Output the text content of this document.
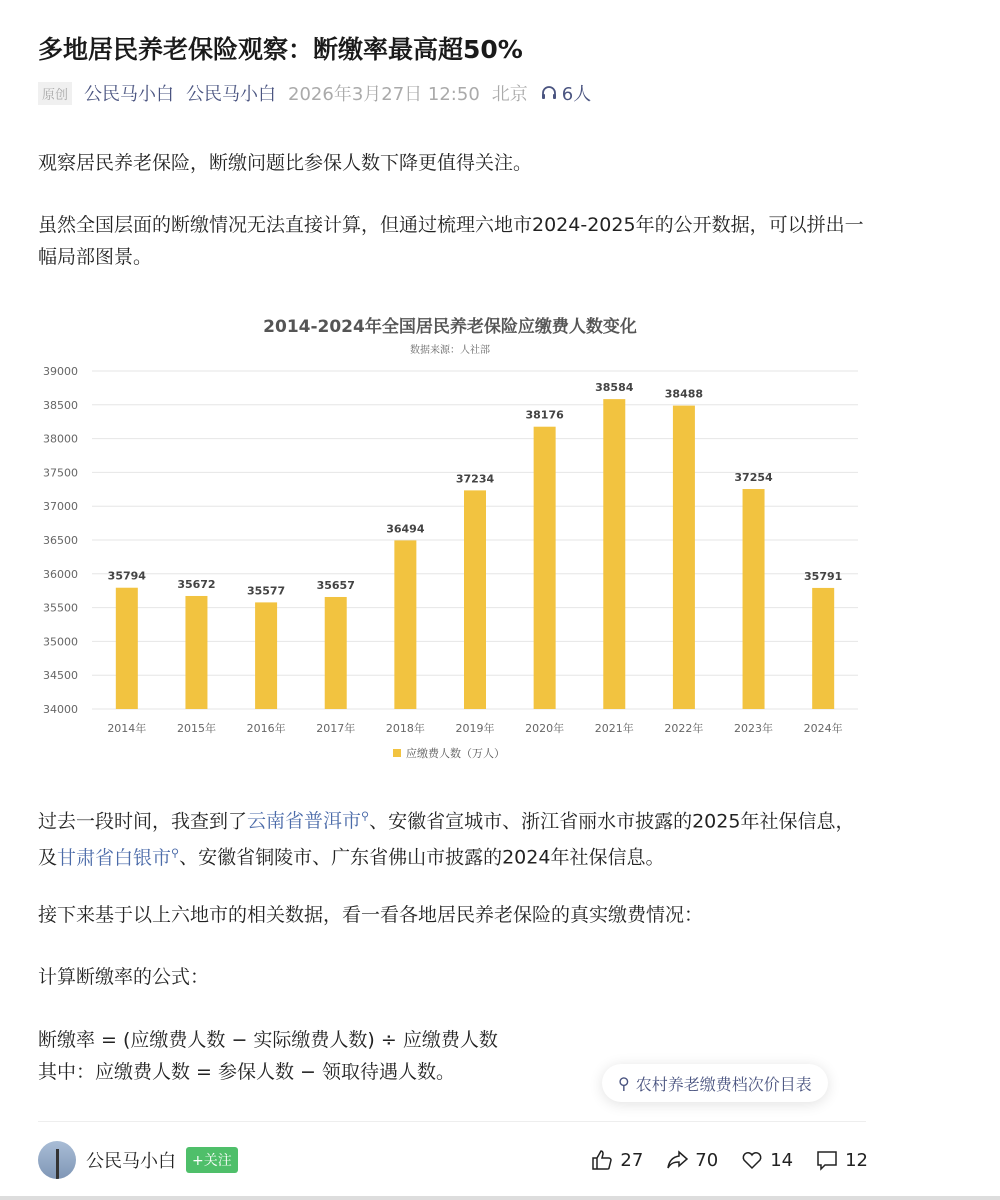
多地居民养老保险观察：断缴率最高超50%
原创 公民马小白 公民马小白 2026年3月27日 12:50 北京 6人
观察居民养老保险，断缴问题比参保人数下降更值得关注。
虽然全国层面的断缴情况无法直接计算，但通过梳理六地市2024-2025年的公开数据，可以拼出一幅局部图景。
2014-2024年全国居民养老保险应缴费人数变化
数据来源：人社部
34000
34500
35000
35500
36000
36500
37000
37500
38000
38500
39000
35794
2014年
35672
2015年
35577
2016年
35657
2017年
36494
2018年
37234
2019年
38176
2020年
38584
2021年
38488
2022年
37254
2023年
35791
2024年
应缴费人数（万人）
过去一段时间，我查到了云南省普洱市⚲、安徽省宣城市、浙江省丽水市披露的2025年社保信息，及甘肃省白银市⚲、安徽省铜陵市、广东省佛山市披露的2024年社保信息。
接下来基于以上六地市的相关数据，看一看各地居民养老保险的真实缴费情况：
计算断缴率的公式：
断缴率 = (应缴费人数 − 实际缴费人数) ÷ 应缴费人数
其中：应缴费人数 = 参保人数 − 领取待遇人数。	⚲ 农村养老缴费档次价目表
公民马小白	+关注	27	70	14	12
